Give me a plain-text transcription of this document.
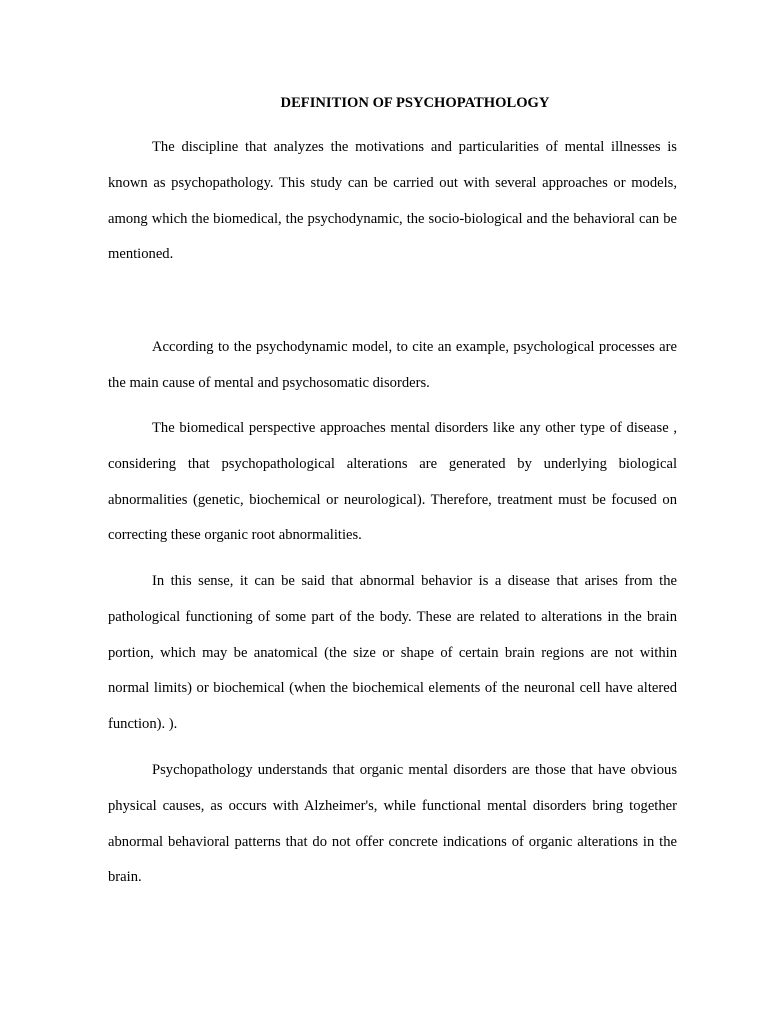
DEFINITION OF PSYCHOPATHOLOGY

The discipline that analyzes the motivations and particularities of mental illnesses is known as psychopathology. This study can be carried out with several approaches or models, among which the biomedical, the psychodynamic, the socio-biological and the behavioral can be mentioned.

According to the psychodynamic model, to cite an example, psychological processes are the main cause of mental and psychosomatic disorders.

The biomedical perspective approaches mental disorders like any other type of disease , considering that psychopathological alterations are generated by underlying biological abnormalities (genetic, biochemical or neurological). Therefore, treatment must be focused on correcting these organic root abnormalities.

In this sense, it can be said that abnormal behavior is a disease that arises from the pathological functioning of some part of the body. These are related to alterations in the brain portion, which may be anatomical (the size or shape of certain brain regions are not within normal limits) or biochemical (when the biochemical elements of the neuronal cell have altered function). ).

Psychopathology understands that organic mental disorders are those that have obvious physical causes, as occurs with Alzheimer's, while functional mental disorders bring together abnormal behavioral patterns that do not offer concrete indications of organic alterations in the brain.
